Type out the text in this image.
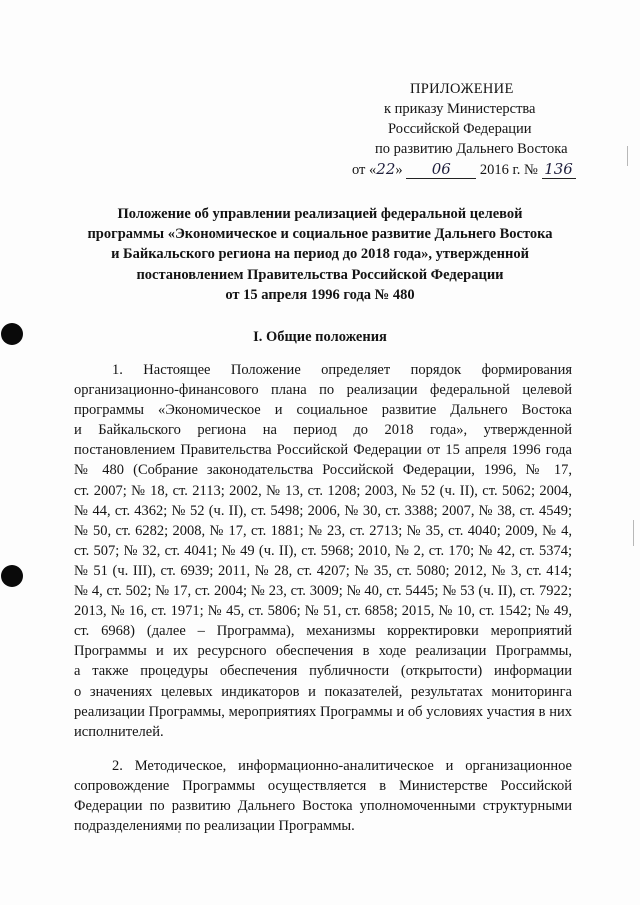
ПРИЛОЖЕНИЕ
к приказу Министерства
Российской Федерации
по развитию Дальнего Востока
от «22» 06 2016 г. № 136
Положение об управлении реализацией федеральной целевой
программы «Экономическое и социальное развитие Дальнего Востока
и Байкальского региона на период до 2018 года», утвержденной
постановлением Правительства Российской Федерации
от 15 апреля 1996 года № 480
I. Общие положения
1. Настоящее Положение определяет порядок формирования
организационно-финансового плана по реализации федеральной целевой
программы «Экономическое и социальное развитие Дальнего Востока
и Байкальского региона на период до 2018 года», утвержденной
постановлением Правительства Российской Федерации от 15 апреля 1996 года
№ 480 (Собрание законодательства Российской Федерации, 1996, № 17,
ст. 2007; № 18, ст. 2113; 2002, № 13, ст. 1208; 2003, № 52 (ч. II), ст. 5062; 2004,
№ 44, ст. 4362; № 52 (ч. II), ст. 5498; 2006, № 30, ст. 3388; 2007, № 38, ст. 4549;
№ 50, ст. 6282; 2008, № 17, ст. 1881; № 23, ст. 2713; № 35, ст. 4040; 2009, № 4,
ст. 507; № 32, ст. 4041; № 49 (ч. II), ст. 5968; 2010, № 2, ст. 170; № 42, ст. 5374;
№ 51 (ч. III), ст. 6939; 2011, № 28, ст. 4207; № 35, ст. 5080; 2012, № 3, ст. 414;
№ 4, ст. 502; № 17, ст. 2004; № 23, ст. 3009; № 40, ст. 5445; № 53 (ч. II), ст. 7922;
2013, № 16, ст. 1971; № 45, ст. 5806; № 51, ст. 6858; 2015, № 10, ст. 1542; № 49,
ст. 6968) (далее – Программа), механизмы корректировки мероприятий
Программы и их ресурсного обеспечения в ходе реализации Программы,
а также процедуры обеспечения публичности (открытости) информации
о значениях целевых индикаторов и показателей, результатах мониторинга
реализации Программы, мероприятиях Программы и об условиях участия в них
исполнителей.
2. Методическое, информационно-аналитическое и организационное
сопровождение Программы осуществляется в Министерстве Российской
Федерации по развитию Дальнего Востока уполномоченными структурными
подразделениями по реализации Программы.
